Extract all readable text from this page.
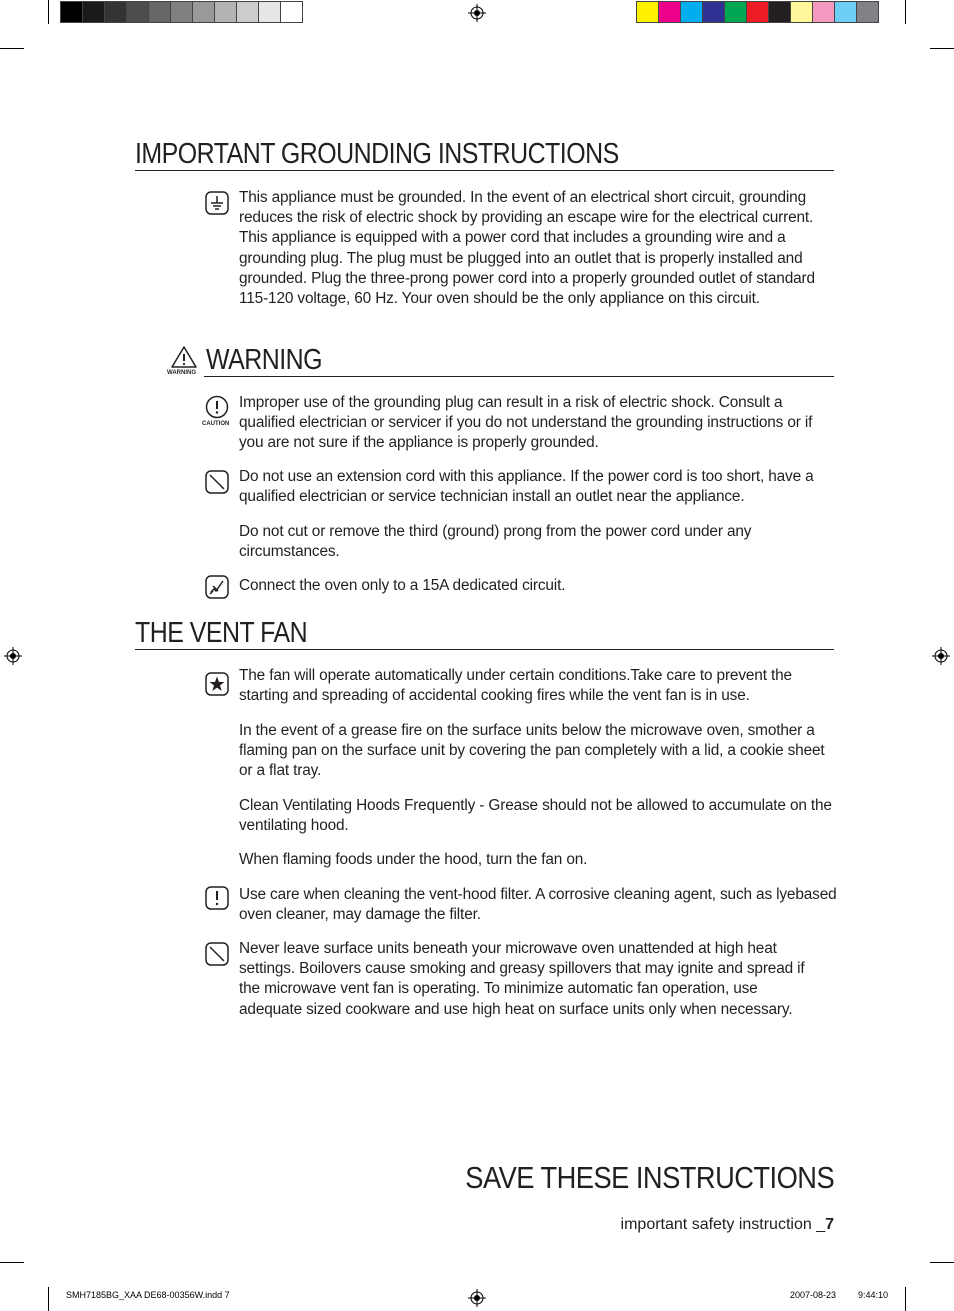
IMPORTANT GROUNDING INSTRUCTIONS

This appliance must be grounded. In the event of an electrical short circuit, grounding reduces the risk of electric shock by providing an escape wire for the electrical current. This appliance is equipped with a power cord that includes a grounding wire and a grounding plug. The plug must be plugged into an outlet that is properly installed and grounded. Plug the three-prong power cord into a properly grounded outlet of standard 115-120 voltage, 60 Hz. Your oven should be the only appliance on this circuit.

WARNING WARNING
CAUTION

Improper use of the grounding plug can result in a risk of electric shock. Consult a qualified electrician or servicer if you do not understand the grounding instructions or if you are not sure if the appliance is properly grounded.

Do not use an extension cord with this appliance. If the power cord is too short, have a qualified electrician or service technician install an outlet near the appliance.

Do not cut or remove the third (ground) prong from the power cord under any circumstances.

Connect the oven only to a 15A dedicated circuit.

THE VENT FAN

The fan will operate automatically under certain conditions.Take care to prevent the starting and spreading of accidental cooking fires while the vent fan is in use.

In the event of a grease fire on the surface units below the microwave oven, smother a flaming pan on the surface unit by covering the pan completely with a lid, a cookie sheet or a flat tray.

Clean Ventilating Hoods Frequently - Grease should not be allowed to accumulate on the ventilating hood.

When flaming foods under the hood, turn the fan on.

Use care when cleaning the vent-hood filter. A corrosive cleaning agent, such as lyebased oven cleaner, may damage the filter.

Never leave surface units beneath your microwave oven unattended at high heat settings. Boilovers cause smoking and greasy spillovers that may ignite and spread if the microwave vent fan is operating. To minimize automatic fan operation, use adequate sized cookware and use high heat on surface units only when necessary.

SAVE THESE INSTRUCTIONS
important safety instruction _7
SMH7185BG_XAA DE68-00356W.indd 7	2007-08-23 9:44:10
